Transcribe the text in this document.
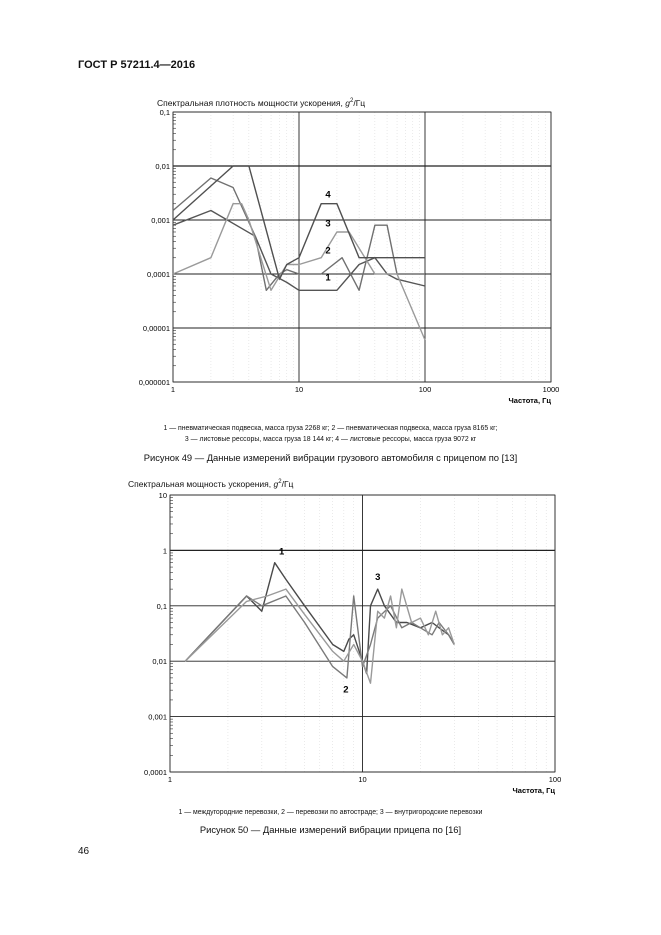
ГОСТ Р 57211.4—2016
Спектральная плотность мощности ускорения, $g^2/Гц$
0,000001
0,00001
0,0001
0,001
0,01
0,1
1	10	100	1000
Частота, Гц
4
3
2
1
1 — пневматическая подвеска, масса груза 2268 кг; 2 — пневматическая подвеска, масса груза 8165 кг;
3 — листовые рессоры, масса груза 18 144 кг; 4 — листовые рессоры, масса груза 9072 кг
Рисунок 49 — Данные измерений вибрации грузового автомобиля с прицепом по [13]
Спектральная мощность ускорения, $g^2/Гц$
0,0001
0,001
0,01
0,1
1
10
1	10	100
Частота, Гц
1
2
3
1 — междугородние перевозки, 2 — перевозки по автостраде; 3 — внутригородские перевозки
Рисунок 50 — Данные измерений вибрации прицепа по [16]
46
